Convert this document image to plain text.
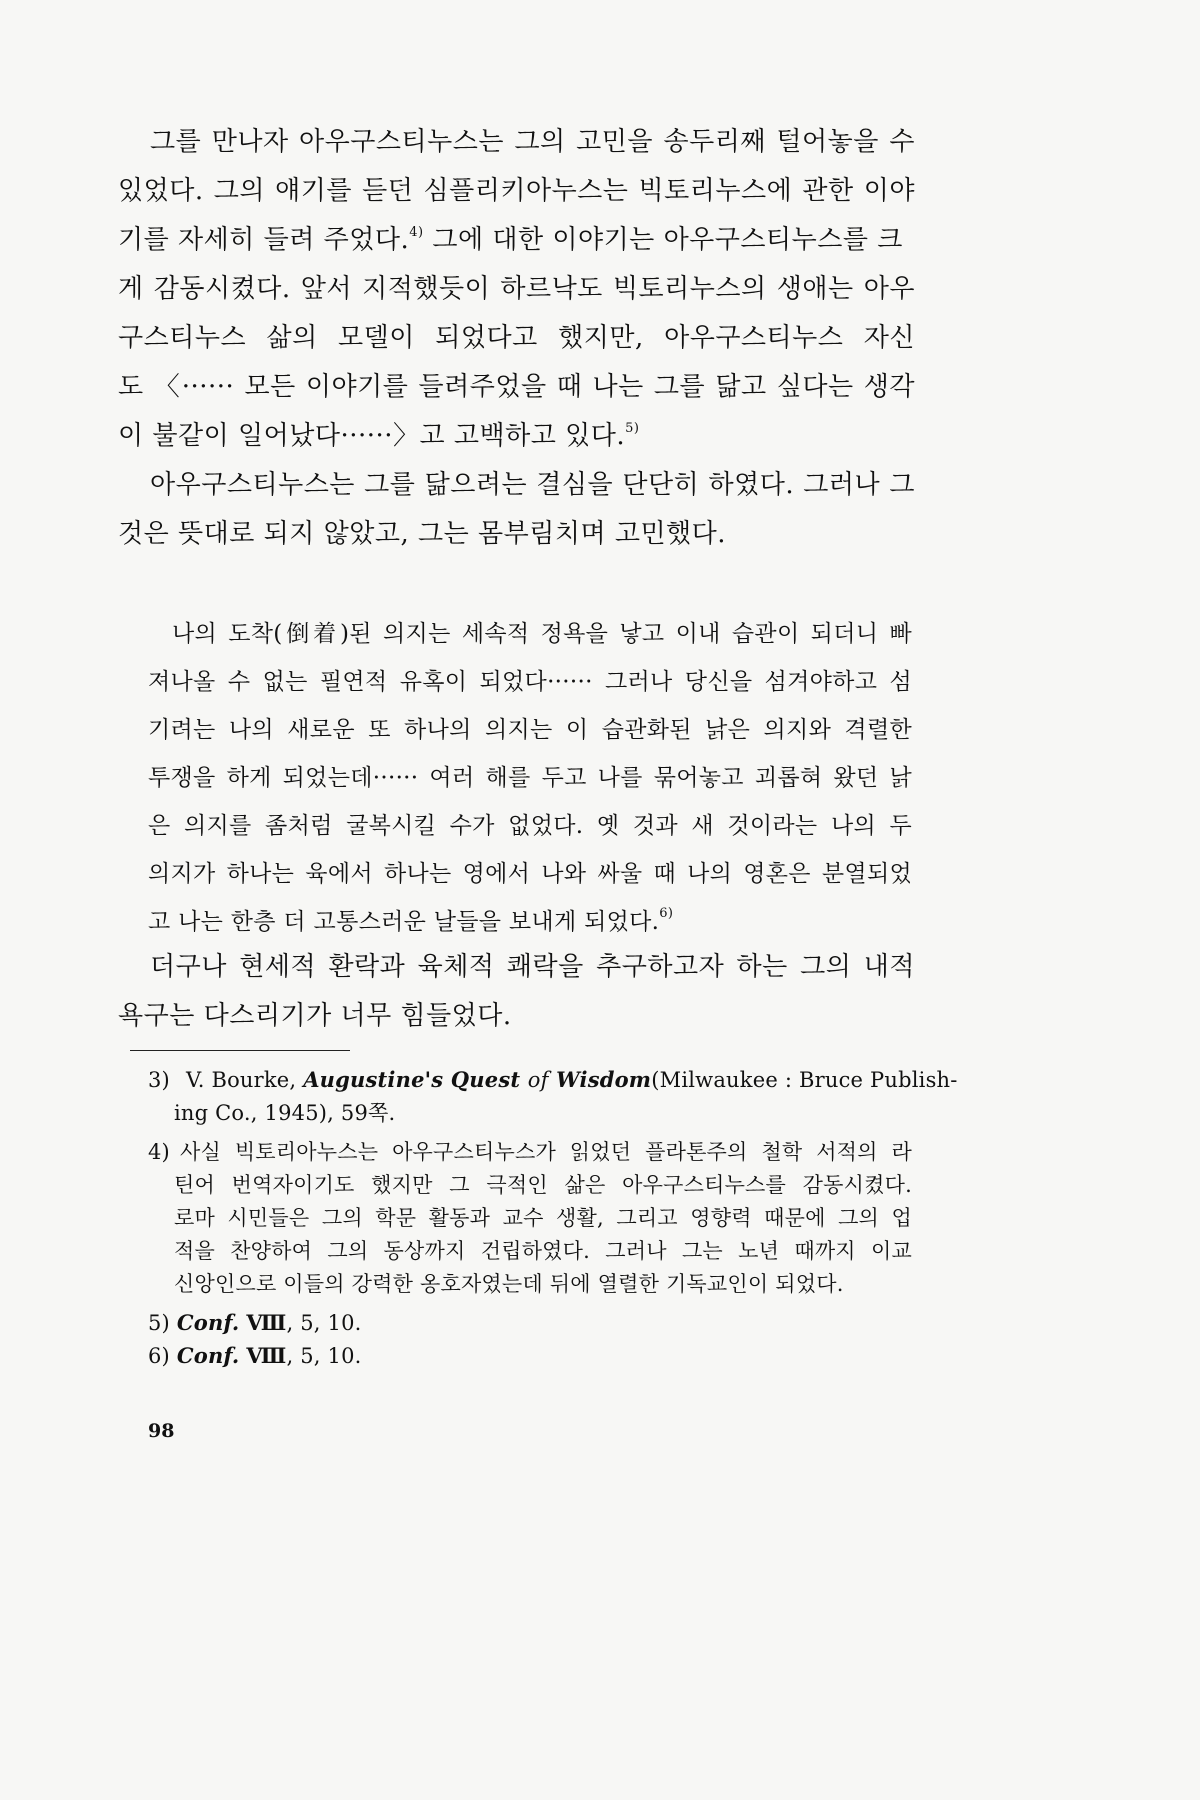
그를 만나자 아우구스티누스는 그의 고민을 송두리째 털어놓을 수
있었다. 그의 얘기를 듣던 심플리키아누스는 빅토리누스에 관한 이야
기를 자세히 들려 주었다.$^{4)}$ 그에 대한 이야기는 아우구스티누스를 크
게 감동시켰다. 앞서 지적했듯이 하르낙도 빅토리누스의 생애는 아우
구스티누스 삶의 모델이 되었다고 했지만, 아우구스티누스 자신
도 〈······ 모든 이야기를 들려주었을 때 나는 그를 닮고 싶다는 생각
이 불같이 일어났다······〉고 고백하고 있다.$^{5)}$
아우구스티누스는 그를 닮으려는 결심을 단단히 하였다. 그러나 그
것은 뜻대로 되지 않았고, 그는 몸부림치며 고민했다.
나의 도착(倒着)된 의지는 세속적 정욕을 낳고 이내 습관이 되더니 빠
져나올 수 없는 필연적 유혹이 되었다······ 그러나 당신을 섬겨야하고 섬
기려는 나의 새로운 또 하나의 의지는 이 습관화된 낡은 의지와 격렬한
투쟁을 하게 되었는데······ 여러 해를 두고 나를 묶어놓고 괴롭혀 왔던 낡
은 의지를 좀처럼 굴복시킬 수가 없었다. 옛 것과 새 것이라는 나의 두
의지가 하나는 육에서 하나는 영에서 나와 싸울 때 나의 영혼은 분열되었
고 나는 한층 더 고통스러운 날들을 보내게 되었다.$^{6)}$
더구나 현세적 환락과 육체적 쾌락을 추구하고자 하는 그의 내적
욕구는 다스리기가 너무 힘들었다.
3) V. Bourke, Augustine's Quest of Wisdom(Milwaukee : Bruce Publish-
ing Co., 1945), 59쪽.
4) 사실 빅토리아누스는 아우구스티누스가 읽었던 플라톤주의 철학 서적의 라
틴어 번역자이기도 했지만 그 극적인 삶은 아우구스티누스를 감동시켰다.
로마 시민들은 그의 학문 활동과 교수 생활, 그리고 영향력 때문에 그의 업
적을 찬양하여 그의 동상까지 건립하였다. 그러나 그는 노년 때까지 이교
신앙인으로 이들의 강력한 옹호자였는데 뒤에 열렬한 기독교인이 되었다.
5) Conf. Ⅷ, 5, 10.
6) Conf. Ⅷ, 5, 10.
98
